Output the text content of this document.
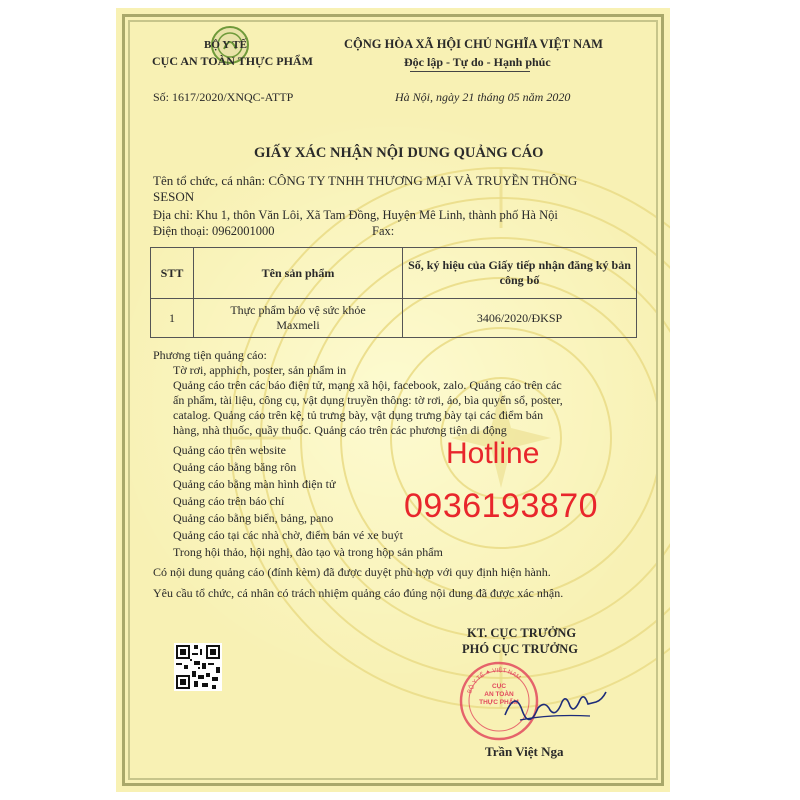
BỘ Y TẾ
CỤC AN TOÀN THỰC PHẨM
Số: 1617/2020/XNQC-ATTP
CỘNG HÒA XÃ HỘI CHỦ NGHĨA VIỆT NAM
Độc lập - Tự do - Hạnh phúc
Hà Nội, ngày 21 tháng 05 năm 2020
GIẤY XÁC NHẬN NỘI DUNG QUẢNG CÁO
Tên tổ chức, cá nhân: CÔNG TY TNHH THƯƠNG MẠI VÀ TRUYỀN THÔNG
SESON
Địa chỉ: Khu 1, thôn Văn Lôi, Xã Tam Đồng, Huyện Mê Linh, thành phố Hà Nội
Điện thoại: 0962001000	Fax:
STT	Tên sản phẩm	Số, ký hiệu của Giấy tiếp nhận đăng ký bản công bố
1	Thực phẩm bảo vệ sức khỏe
Maxmeli	3406/2020/ĐKSP
Phương tiện quảng cáo:
Tờ rơi, apphich, poster, sản phẩm in
Quảng cáo trên các báo điện tử, mạng xã hội, facebook, zalo. Quảng cáo trên các
ấn phẩm, tài liệu, công cụ, vật dụng truyền thông: tờ rơi, áo, bìa quyển sổ, poster,
catalog. Quảng cáo trên kệ, tủ trưng bày, vật dụng trưng bày tại các điểm bán
hàng, nhà thuốc, quầy thuốc. Quảng cáo trên các phương tiện di động
Quảng cáo trên website
Quảng cáo bằng băng rôn
Quảng cáo bằng màn hình điện tử
Quảng cáo trên báo chí
Quảng cáo bằng biển, bảng, pano
Quảng cáo tại các nhà chờ, điểm bán vé xe buýt
Trong hội thảo, hội nghị, đào tạo và trong hộp sản phẩm
Có nội dung quảng cáo (đính kèm) đã được duyệt phù hợp với quy định hiện hành.
Yêu cầu tổ chức, cá nhân có trách nhiệm quảng cáo đúng nội dung đã được xác nhận.
Hotline
0936193870
KT. CỤC TRƯỞNG
PHÓ CỤC TRƯỞNG
BỘ Y TẾ ✦ VIỆT NAM
THỰC PHẨM
AN TOÀN
CỤC
Trần Việt Nga
